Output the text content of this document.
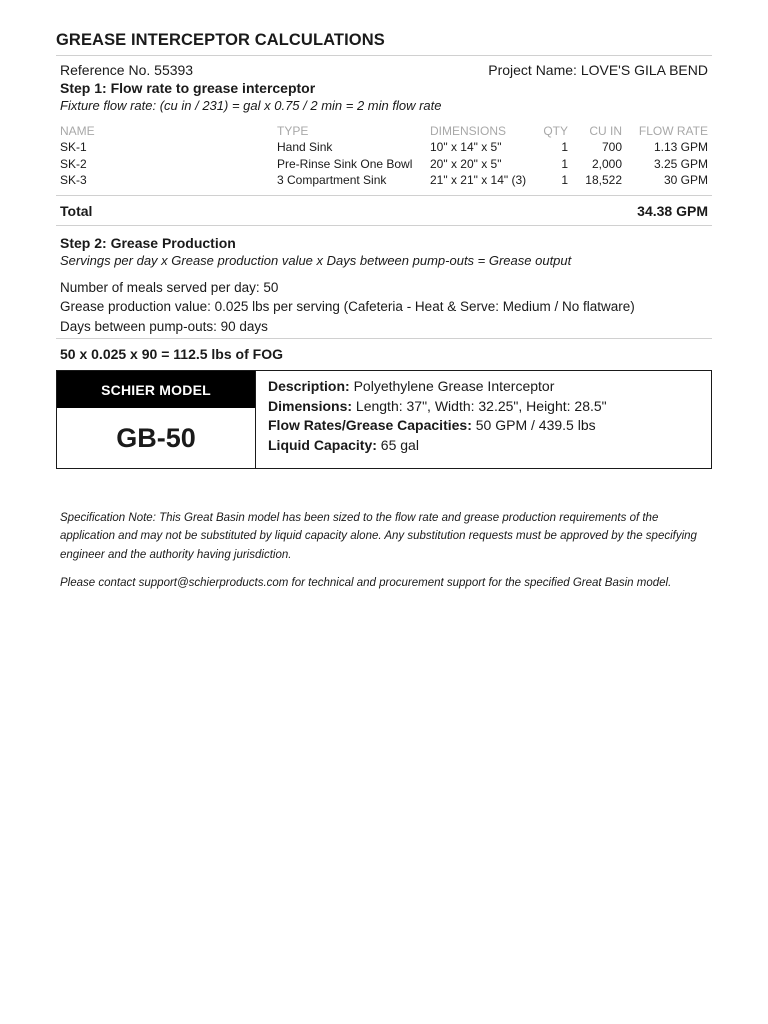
GREASE INTERCEPTOR CALCULATIONS
Reference No. 55393	Project Name: LOVE'S GILA BEND
Step 1: Flow rate to grease interceptor
Fixture flow rate: (cu in / 231) = gal x 0.75 / 2 min = 2 min flow rate
NAME	TYPE	DIMENSIONS	QTY	CU IN	FLOW RATE
SK-1	Hand Sink	10" x 14" x 5"	1	700	1.13 GPM
SK-2	Pre-Rinse Sink One Bowl	20" x 20" x 5"	1	2,000	3.25 GPM
SK-3	3 Compartment Sink	21" x 21" x 14" (3)	1	18,522	30 GPM
Total	34.38 GPM
Step 2: Grease Production
Servings per day x Grease production value x Days between pump-outs = Grease output
Number of meals served per day: 50
Grease production value: 0.025 lbs per serving (Cafeteria - Heat & Serve: Medium / No flatware)
Days between pump-outs: 90 days
50 x 0.025 x 90 = 112.5 lbs of FOG
SCHIER MODEL
GB-50
Description: Polyethylene Grease Interceptor
Dimensions: Length: 37", Width: 32.25", Height: 28.5"
Flow Rates/Grease Capacities: 50 GPM / 439.5 lbs
Liquid Capacity: 65 gal

Specification Note: This Great Basin model has been sized to the flow rate and grease production requirements of the application and may not be substituted by liquid capacity alone. Any substitution requests must be approved by the specifying engineer and the authority having jurisdiction.

Please contact support@schierproducts.com for technical and procurement support for the specified Great Basin model.
